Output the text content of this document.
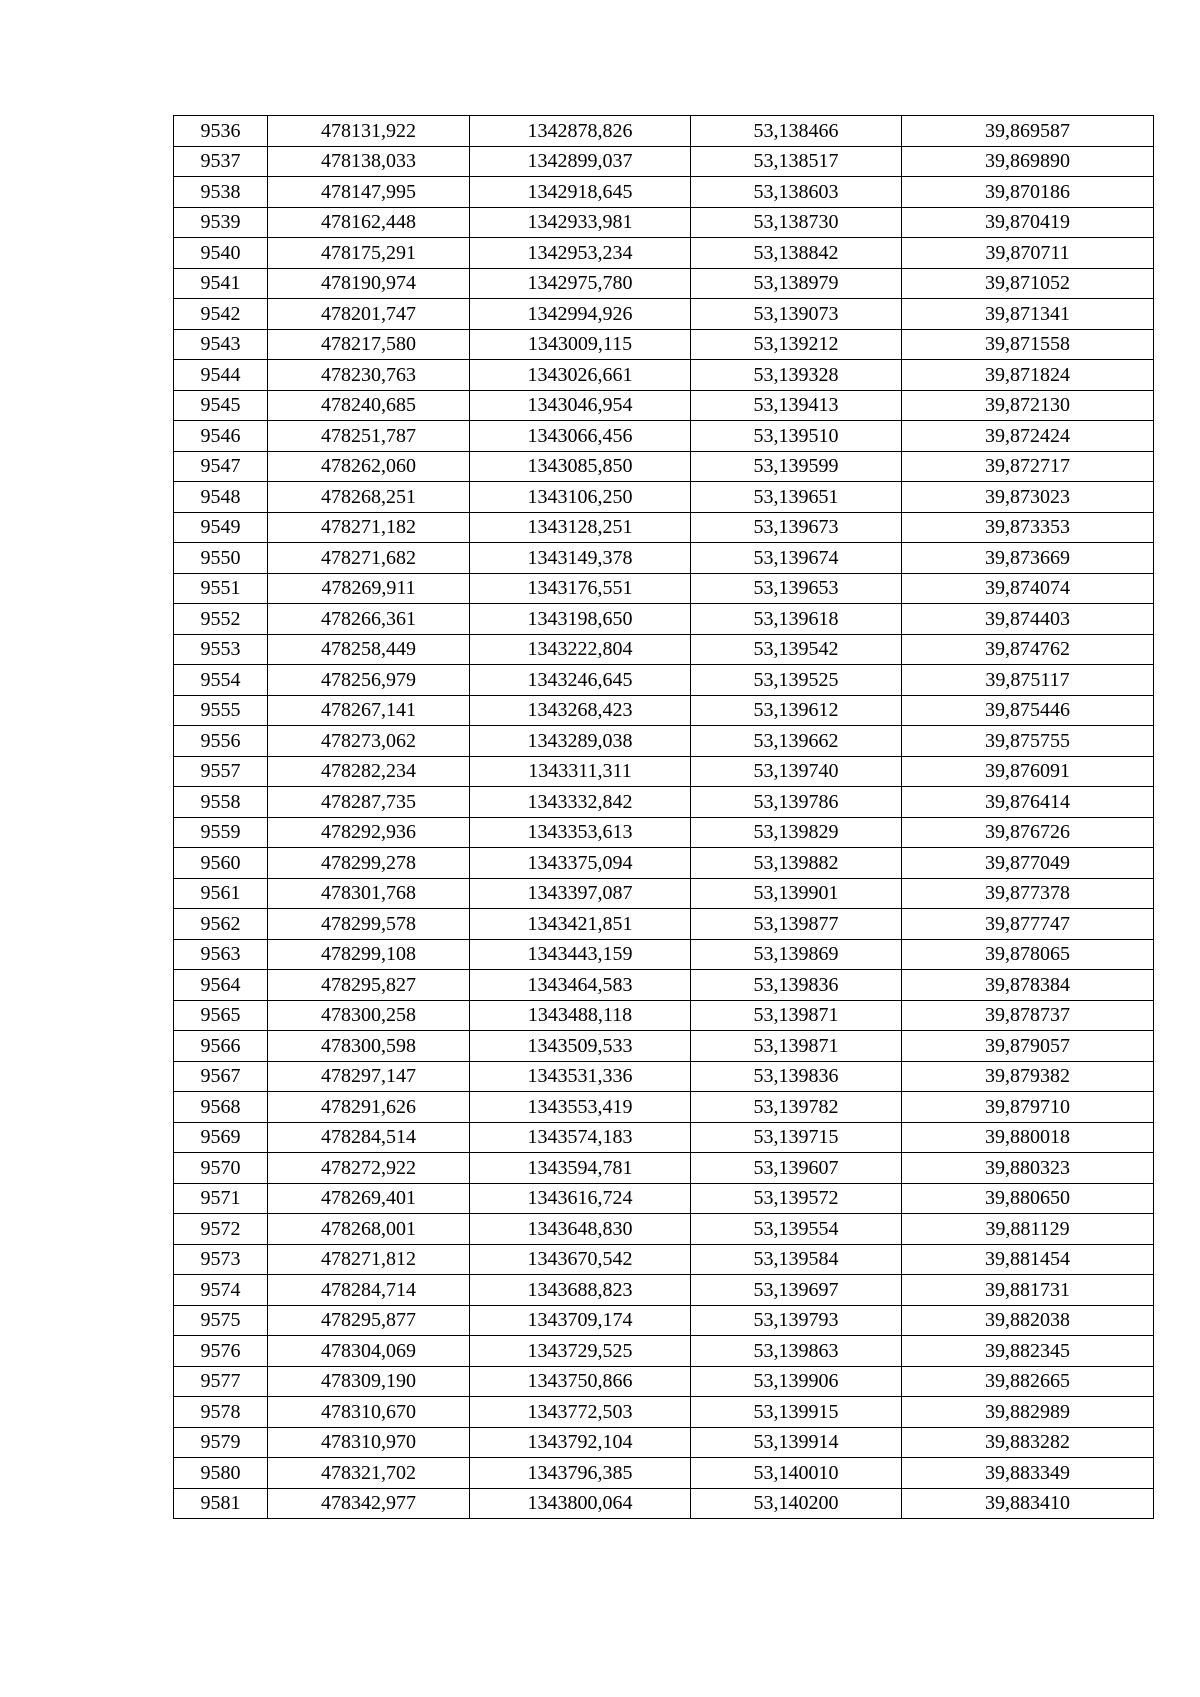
9536	478131,922	1342878,826	53,138466	39,869587
9537	478138,033	1342899,037	53,138517	39,869890
9538	478147,995	1342918,645	53,138603	39,870186
9539	478162,448	1342933,981	53,138730	39,870419
9540	478175,291	1342953,234	53,138842	39,870711
9541	478190,974	1342975,780	53,138979	39,871052
9542	478201,747	1342994,926	53,139073	39,871341
9543	478217,580	1343009,115	53,139212	39,871558
9544	478230,763	1343026,661	53,139328	39,871824
9545	478240,685	1343046,954	53,139413	39,872130
9546	478251,787	1343066,456	53,139510	39,872424
9547	478262,060	1343085,850	53,139599	39,872717
9548	478268,251	1343106,250	53,139651	39,873023
9549	478271,182	1343128,251	53,139673	39,873353
9550	478271,682	1343149,378	53,139674	39,873669
9551	478269,911	1343176,551	53,139653	39,874074
9552	478266,361	1343198,650	53,139618	39,874403
9553	478258,449	1343222,804	53,139542	39,874762
9554	478256,979	1343246,645	53,139525	39,875117
9555	478267,141	1343268,423	53,139612	39,875446
9556	478273,062	1343289,038	53,139662	39,875755
9557	478282,234	1343311,311	53,139740	39,876091
9558	478287,735	1343332,842	53,139786	39,876414
9559	478292,936	1343353,613	53,139829	39,876726
9560	478299,278	1343375,094	53,139882	39,877049
9561	478301,768	1343397,087	53,139901	39,877378
9562	478299,578	1343421,851	53,139877	39,877747
9563	478299,108	1343443,159	53,139869	39,878065
9564	478295,827	1343464,583	53,139836	39,878384
9565	478300,258	1343488,118	53,139871	39,878737
9566	478300,598	1343509,533	53,139871	39,879057
9567	478297,147	1343531,336	53,139836	39,879382
9568	478291,626	1343553,419	53,139782	39,879710
9569	478284,514	1343574,183	53,139715	39,880018
9570	478272,922	1343594,781	53,139607	39,880323
9571	478269,401	1343616,724	53,139572	39,880650
9572	478268,001	1343648,830	53,139554	39,881129
9573	478271,812	1343670,542	53,139584	39,881454
9574	478284,714	1343688,823	53,139697	39,881731
9575	478295,877	1343709,174	53,139793	39,882038
9576	478304,069	1343729,525	53,139863	39,882345
9577	478309,190	1343750,866	53,139906	39,882665
9578	478310,670	1343772,503	53,139915	39,882989
9579	478310,970	1343792,104	53,139914	39,883282
9580	478321,702	1343796,385	53,140010	39,883349
9581	478342,977	1343800,064	53,140200	39,883410
